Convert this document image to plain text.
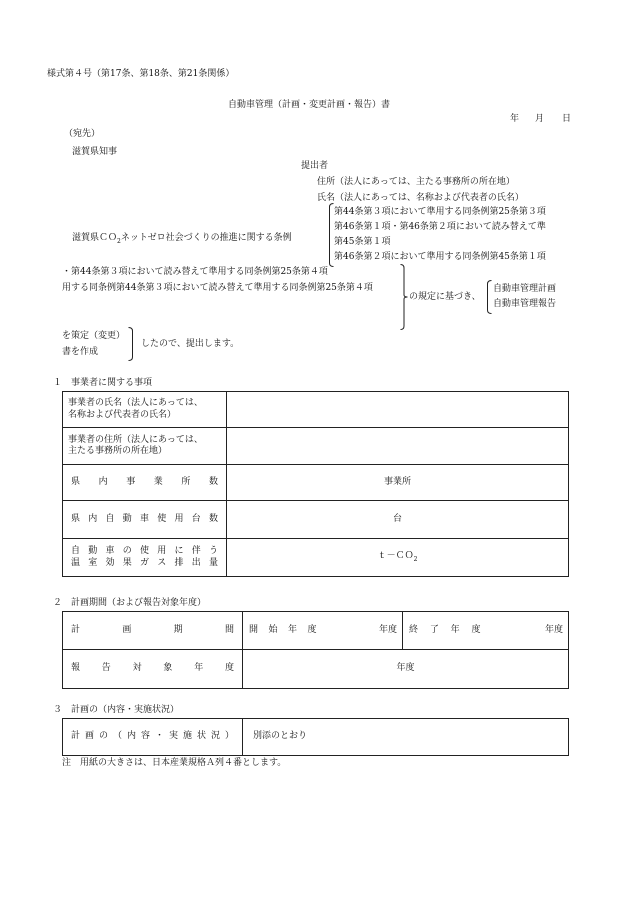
様式第４号（第17条、第18条、第21条関係）
自動車管理（計画・変更計画・報告）書
年 月 日
（宛先）
滋賀県知事
提出者
住所（法人にあっては、主たる事務所の所在地）
氏名（法人にあっては、名称および代表者の氏名）
滋賀県ＣＯ$_2$ネットゼロ社会づくりの推進に関する条例
第44条第３項において準用する同条例第25条第３項
第46条第１項・第46条第２項において読み替えて準
第45条第１項
第46条第２項において準用する同条例第45条第１項
・第44条第３項において読み替えて準用する同条例第25条第４項
用する同条例第44条第３項において読み替えて準用する同条例第25条第４項
の規定に基づき、
自動車管理計画
自動車管理報告
を策定（変更）
書を作成
したので、提出します。
１　事業者に関する事項
事業者の氏名（法人にあっては、
名称および代表者の氏名）	

事業者の住所（法人にあっては、
主たる事務所の所在地）	

県内事業所数	事業所
県内自動車使用台数	台

自動車の使用に伴う
温室効果ガス排出量	ｔ－ＣＯ$_2$
２　計画期間（および報告対象年度）
計画期間	開始年度	年度	終了年度	年度
報告対象年度	年度			
３　計画の（内容・実施状況）
計画の（内容・実施状況）	別添のとおり
注　用紙の大きさは、日本産業規格Ａ列４番とします。
